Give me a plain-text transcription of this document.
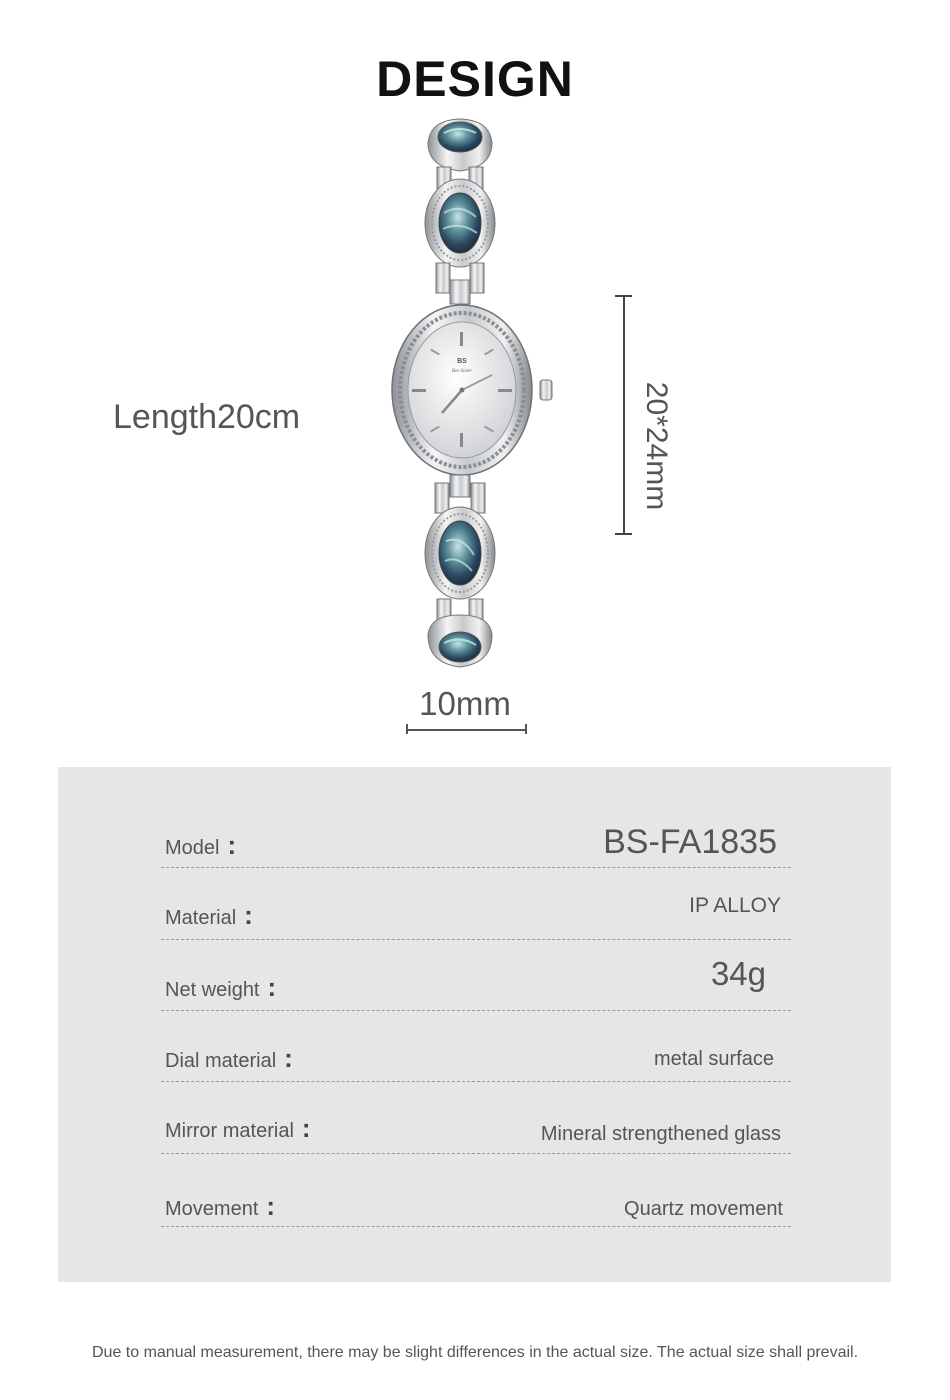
DESIGN
Length20cm
BS
Bee Sister
20*24mm
10mm
Model :	BS-FA1835
Material :	IP ALLOY
Net weight :	34g
Dial material :	metal surface
Mirror material :	Mineral strengthened glass
Movement :	Quartz movement
Due to manual measurement, there may be slight differences in the actual size. The actual size shall prevail.
